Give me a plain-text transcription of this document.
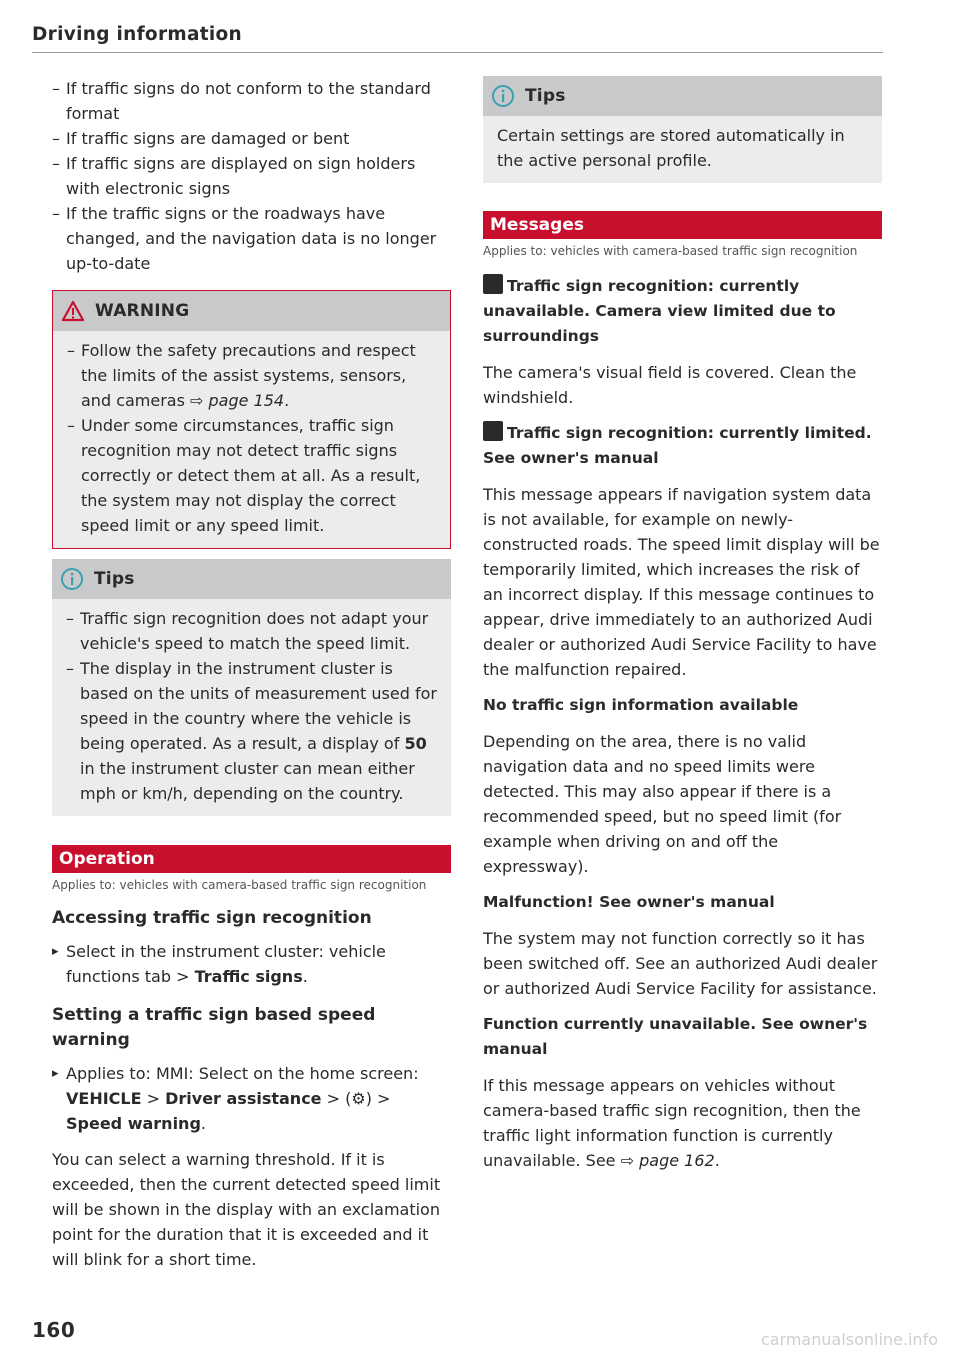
Driving information
– If traffic signs do not conform to the standard format
– If traffic signs are damaged or bent
– If traffic signs are displayed on sign holders with electronic signs
– If the traffic signs or the roadways have changed, and the navigation data is no longer up-to-date
WARNING
– Follow the safety precautions and respect the limits of the assist systems, sensors, and cameras ⇨ page 154.
– Under some circumstances, traffic sign recognition may not detect traffic signs correctly or detect them at all. As a result, the system may not display the correct speed limit or any speed limit.
Tips
– Traffic sign recognition does not adapt your vehicle's speed to match the speed limit.
– The display in the instrument cluster is based on the units of measurement used for speed in the country where the vehicle is being operated. As a result, a display of 50 in the instrument cluster can mean either mph or km/h, depending on the country.
Operation
Applies to: vehicles with camera-based traffic sign recognition
Accessing traffic sign recognition
▸ Select in the instrument cluster: vehicle functions tab > Traffic signs.
Setting a traffic sign based speed warning
▸ Applies to: MMI: Select on the home screen: VEHICLE > Driver assistance > (⚙) > Speed warning.
You can select a warning threshold. If it is exceeded, then the current detected speed limit will be shown in the display with an exclamation point for the duration that it is exceeded and it will blink for a short time.
Tips
Certain settings are stored automatically in the active personal profile.
Messages
Applies to: vehicles with camera-based traffic sign recognition
Traffic sign recognition: currently unavailable. Camera view limited due to surroundings
The camera's visual field is covered. Clean the windshield.
Traffic sign recognition: currently limited. See owner's manual
This message appears if navigation system data is not available, for example on newly-constructed roads. The speed limit display will be temporarily limited, which increases the risk of an incorrect display. If this message continues to appear, drive immediately to an authorized Audi dealer or authorized Audi Service Facility to have the malfunction repaired.
No traffic sign information available
Depending on the area, there is no valid navigation data and no speed limits were detected. This may also appear if there is a recommended speed, but no speed limit (for example when driving on and off the expressway).
Malfunction! See owner's manual
The system may not function correctly so it has been switched off. See an authorized Audi dealer or authorized Audi Service Facility for assistance.
Function currently unavailable. See owner's manual
If this message appears on vehicles without camera-based traffic sign recognition, then the traffic light information function is currently unavailable. See ⇨ page 162.
160	carmanualsonline.info
